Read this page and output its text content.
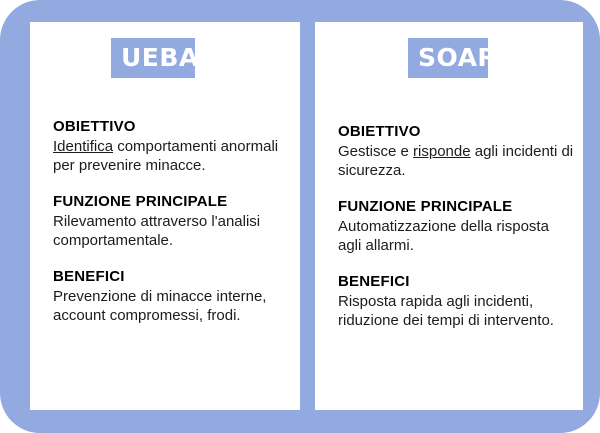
UEBA
OBIETTIVO
Identifica comportamenti anormali per prevenire minacce.
FUNZIONE PRINCIPALE
Rilevamento attraverso l'analisi comportamentale.
BENEFICI
Prevenzione di minacce interne, account compromessi, frodi.
SOAR
OBIETTIVO
Gestisce e risponde agli incidenti di sicurezza.
FUNZIONE PRINCIPALE
Automatizzazione della risposta agli allarmi.
BENEFICI
Risposta rapida agli incidenti, riduzione dei tempi di intervento.
